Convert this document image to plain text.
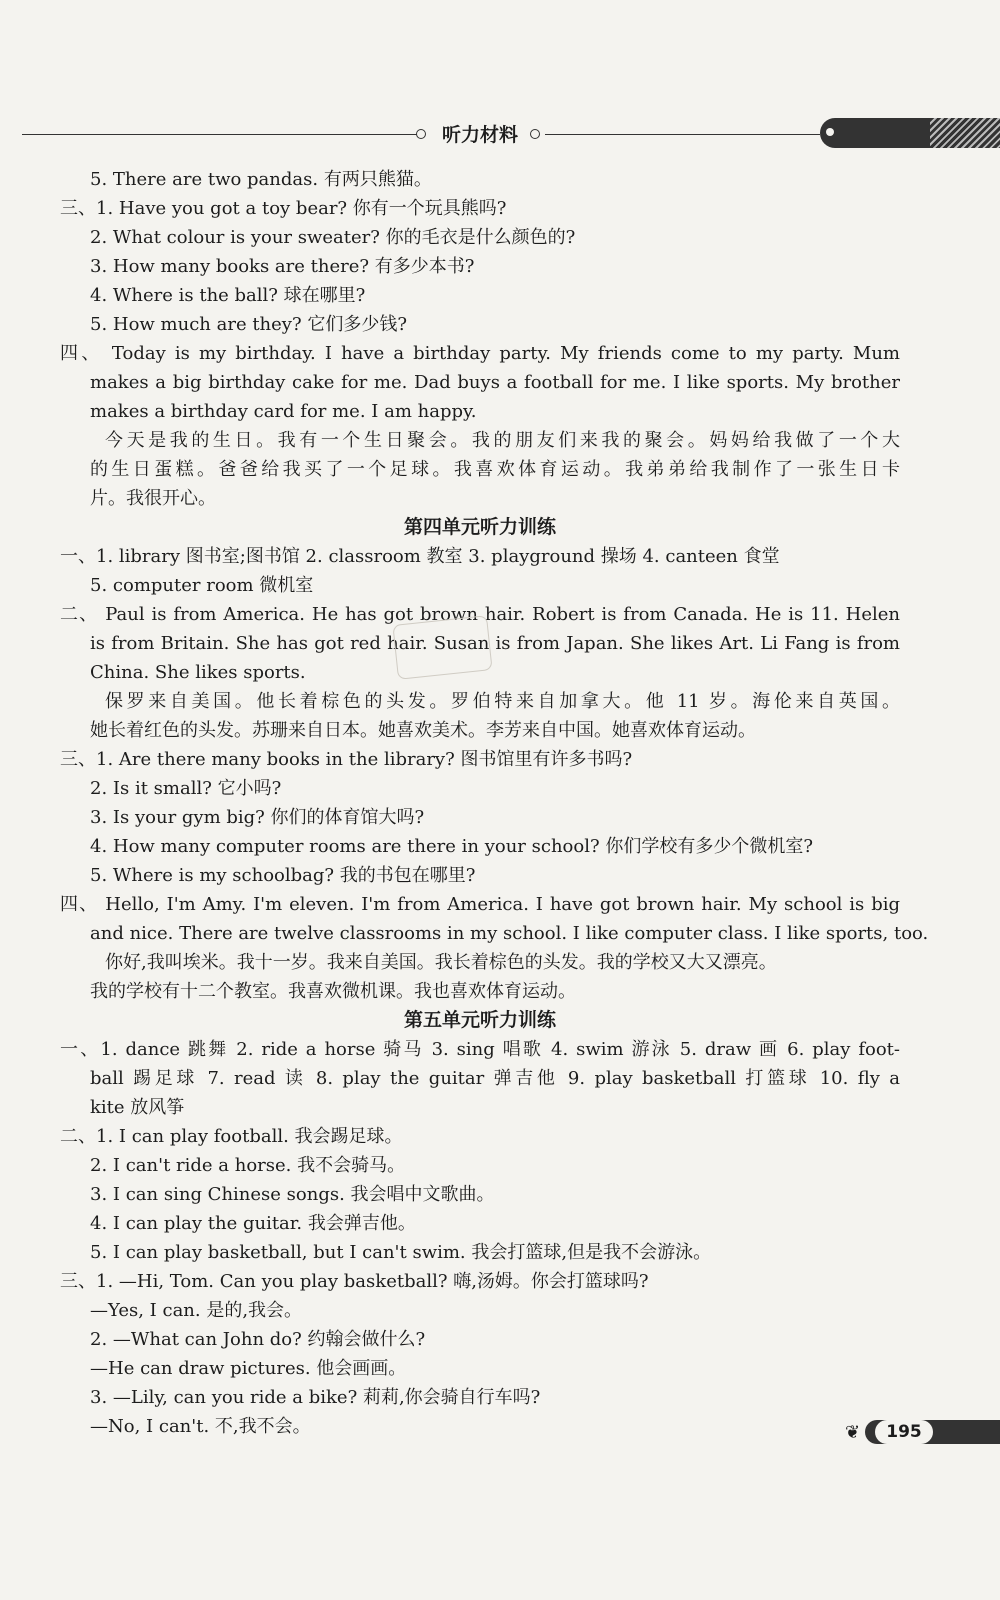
听力材料
5. There are two pandas. 有两只熊猫。
三、1. Have you got a toy bear? 你有一个玩具熊吗?
2. What colour is your sweater? 你的毛衣是什么颜色的?
3. How many books are there? 有多少本书?
4. Where is the ball? 球在哪里?
5. How much are they? 它们多少钱?
四、 Today is my birthday. I have a birthday party. My friends come to my party. Mum
makes a big birthday cake for me. Dad buys a football for me. I like sports. My brother
makes a birthday card for me. I am happy.
今天是我的生日。我有一个生日聚会。我的朋友们来我的聚会。妈妈给我做了一个大
的生日蛋糕。爸爸给我买了一个足球。我喜欢体育运动。我弟弟给我制作了一张生日卡
片。我很开心。
第四单元听力训练
一、1. library 图书室;图书馆 2. classroom 教室 3. playground 操场 4. canteen 食堂
5. computer room 微机室
二、 Paul is from America. He has got brown hair. Robert is from Canada. He is 11. Helen
is from Britain. She has got red hair. Susan is from Japan. She likes Art. Li Fang is from
China. She likes sports.
保罗来自美国。他长着棕色的头发。罗伯特来自加拿大。他 11 岁。海伦来自英国。
她长着红色的头发。苏珊来自日本。她喜欢美术。李芳来自中国。她喜欢体育运动。
三、1. Are there many books in the library? 图书馆里有许多书吗?
2. Is it small? 它小吗?
3. Is your gym big? 你们的体育馆大吗?
4. How many computer rooms are there in your school? 你们学校有多少个微机室?
5. Where is my schoolbag? 我的书包在哪里?
四、 Hello, I'm Amy. I'm eleven. I'm from America. I have got brown hair. My school is big
and nice. There are twelve classrooms in my school. I like computer class. I like sports, too.
你好,我叫埃米。我十一岁。我来自美国。我长着棕色的头发。我的学校又大又漂亮。
我的学校有十二个教室。我喜欢微机课。我也喜欢体育运动。
第五单元听力训练
一、1. dance 跳舞 2. ride a horse 骑马 3. sing 唱歌 4. swim 游泳 5. draw 画 6. play foot-
ball 踢足球 7. read 读 8. play the guitar 弹吉他 9. play basketball 打篮球 10. fly a
kite 放风筝
二、1. I can play football. 我会踢足球。
2. I can't ride a horse. 我不会骑马。
3. I can sing Chinese songs. 我会唱中文歌曲。
4. I can play the guitar. 我会弹吉他。
5. I can play basketball, but I can't swim. 我会打篮球,但是我不会游泳。
三、1. —Hi, Tom. Can you play basketball? 嗨,汤姆。你会打篮球吗?
—Yes, I can. 是的,我会。
2. —What can John do? 约翰会做什么?
—He can draw pictures. 他会画画。
3. —Lily, can you ride a bike? 莉莉,你会骑自行车吗?
—No, I can't. 不,我不会。	❦	195
